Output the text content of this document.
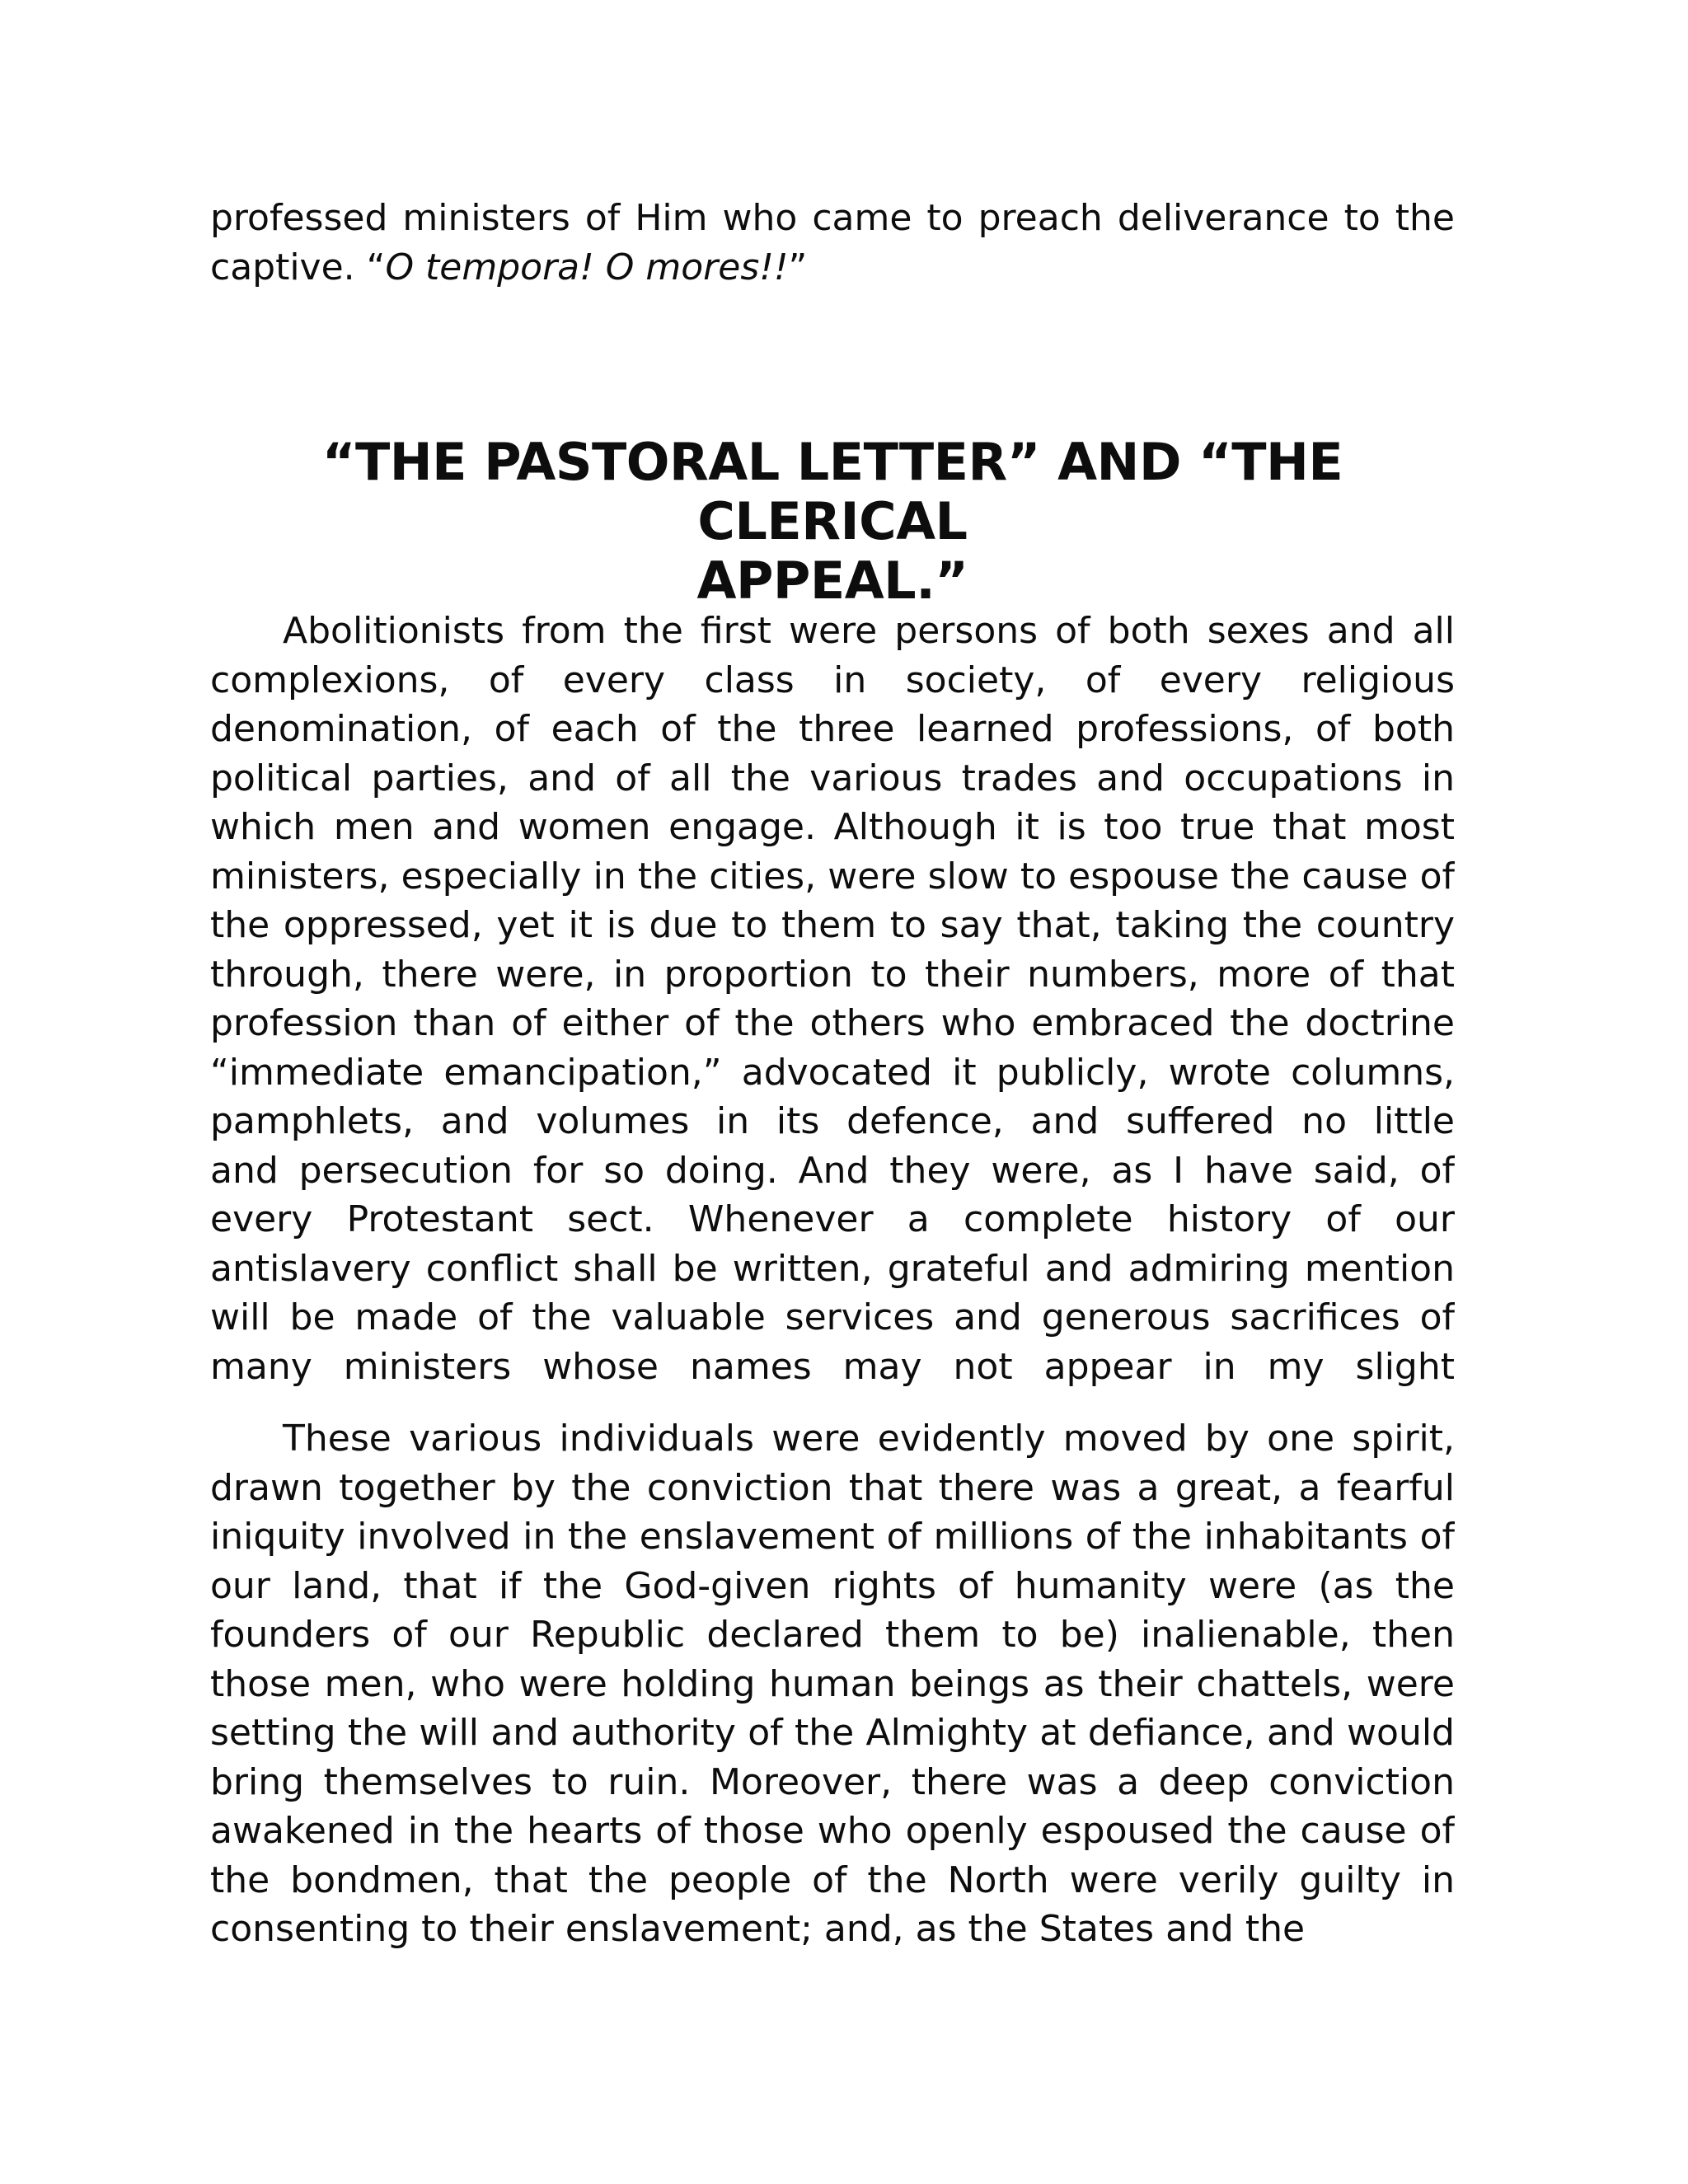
professed ministers of Him who came to preach deliverance to the
captive. “O tempora! O mores!!”
“THE PASTORAL LETTER” AND “THE CLERICAL
APPEAL.”
Abolitionists from the first were persons of both sexes and all
complexions, of every class in society, of every religious
denomination, of each of the three learned professions, of both
political parties, and of all the various trades and occupations in
which men and women engage. Although it is too true that most
ministers, especially in the cities, were slow to espouse the cause of
the oppressed, yet it is due to them to say that, taking the country
through, there were, in proportion to their numbers, more of that
profession than of either of the others who embraced the doctrine
“immediate emancipation,” advocated it publicly, wrote columns,
pamphlets, and volumes in its defence, and suffered no little
and persecution for so doing. And they were, as I have said, of
every Protestant sect. Whenever a complete history of our
antislavery conflict shall be written, grateful and admiring mention
will be made of the valuable services and generous sacrifices of
many ministers whose names may not appear in my slight
These various individuals were evidently moved by one spirit,
drawn together by the conviction that there was a great, a fearful
iniquity involved in the enslavement of millions of the inhabitants of
our land, that if the God-given rights of humanity were (as the
founders of our Republic declared them to be) inalienable, then
those men, who were holding human beings as their chattels, were
setting the will and authority of the Almighty at defiance, and would
bring themselves to ruin. Moreover, there was a deep conviction
awakened in the hearts of those who openly espoused the cause of
the bondmen, that the people of the North were verily guilty in
consenting to their enslavement; and, as the States and the
